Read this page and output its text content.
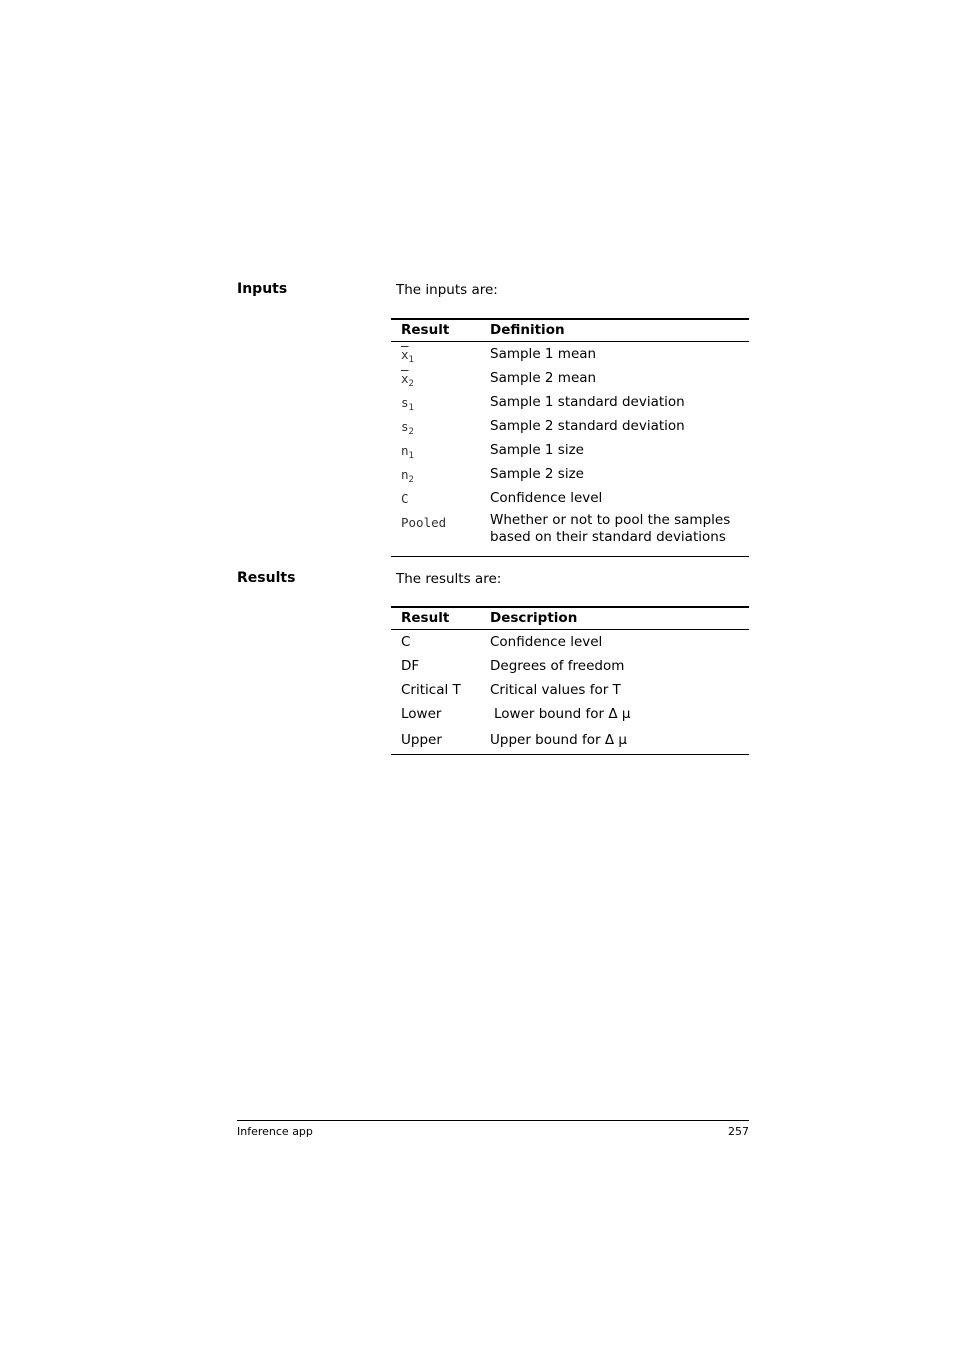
Inputs	The inputs are:
Result	Definition
$\overline{x}_1$	Sample 1 mean
$\overline{x}_2$	Sample 2 mean
$s_1$	Sample 1 standard deviation
$s_2$	Sample 2 standard deviation
$n_1$	Sample 1 size
$n_2$	Sample 2 size
C	Confidence level
Pooled	Whether or not to pool the samples
based on their standard deviations
Results	The results are:
Result	Description
C	Confidence level
DF	Degrees of freedom
Critical T	Critical values for T
Lower	Lower bound for Δ μ
Upper	Upper bound for Δ μ
Inference app	257
